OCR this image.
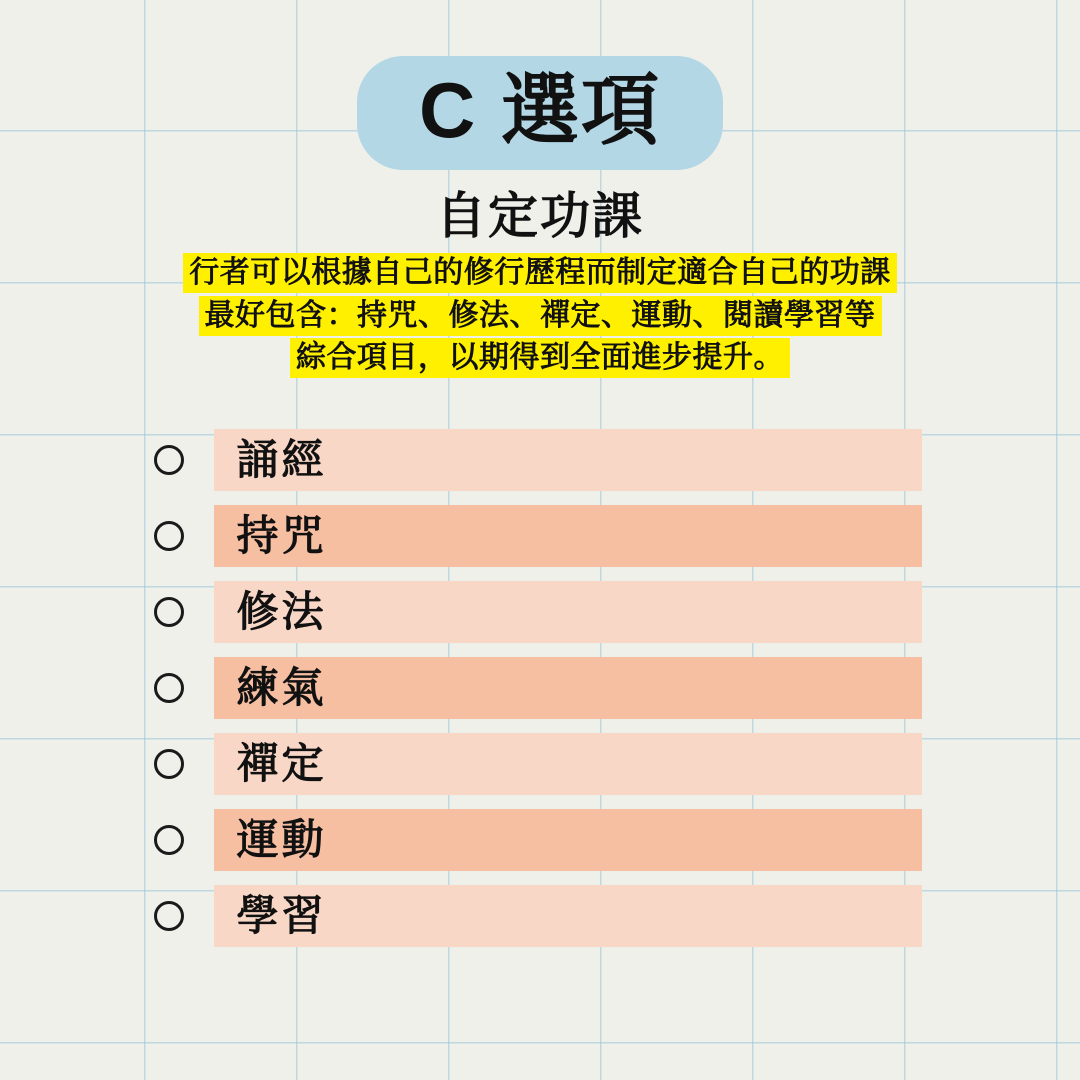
C 選項
自定功課
行者可以根據自己的修行歷程而制定適合自己的功課
最好包含：持咒、修法、禪定、運動、閱讀學習等
綜合項目，以期得到全面進步提升。
誦經
持咒
修法
練氣
禪定
運動
學習
